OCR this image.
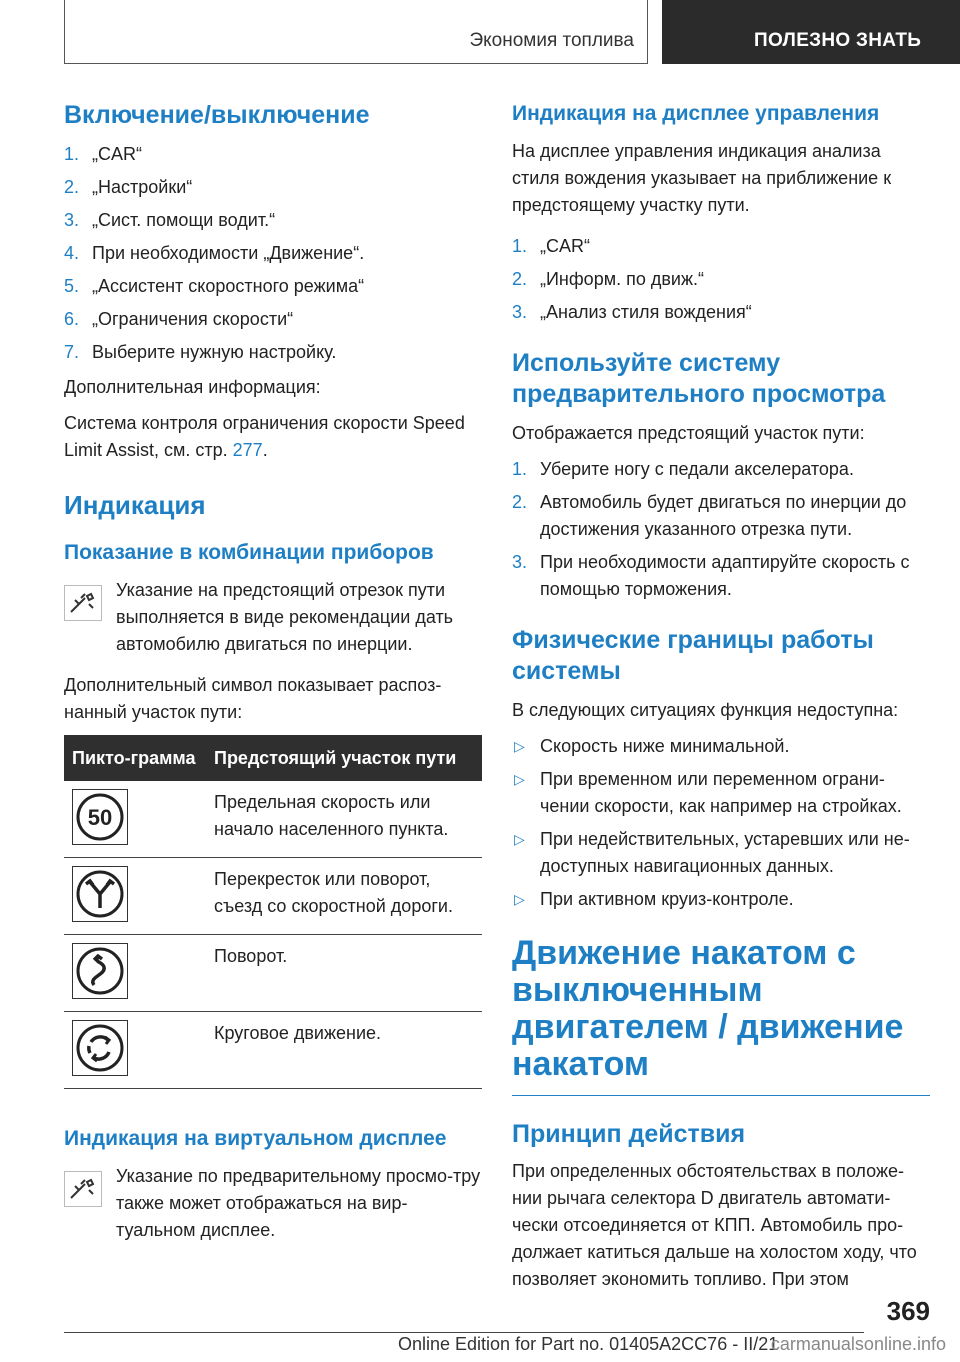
Экономия топлива	ПОЛЕЗНО ЗНАТЬ
Включение/выключение
1. „CAR“
2. „Настройки“
3. „Сист. помощи водит.“
4. При необходимости „Движение“.
5. „Ассистент скоростного режима“
6. „Ограничения скорости“
7. Выберите нужную настройку.

Дополнительная информация:

Система контроля ограничения скорости Speed Limit Assist, см. стр. 277.

Индикация
Показание в комбинации приборов
Указание на предстоящий отрезок пути выполняется в виде рекомендации дать автомобилю двигаться по инерции.

Дополнительный символ показывает распоз-нанный участок пути:

Пикто-грамма	Предстоящий участок пути

50	Предельная скорость или начало населенного пункта.

	Перекресток или поворот, съезд со скоростной дороги.

	Поворот.

	Круговое движение.
Индикация на виртуальном дисплее
Указание по предварительному просмо-тру также может отображаться на вир-туальном дисплее.
Индикация на дисплее управления

На дисплее управления индикация анализа стиля вождения указывает на приближение к предстоящему участку пути.

1. „CAR“
2. „Информ. по движ.“
3. „Анализ стиля вождения“
Используйте систему предварительного просмотра

Отображается предстоящий участок пути:

1. Уберите ногу с педали акселератора.
2. Автомобиль будет двигаться по инерции до достижения указанного отрезка пути.
3. При необходимости адаптируйте скорость с помощью торможения.
Физические границы работы системы

В следующих ситуациях функция недоступна:

▷ Скорость ниже минимальной.
▷ При временном или переменном ограни-чении скорости, как например на стройках.
▷ При недействительных, устаревших или не-доступных навигационных данных.
▷ При активном круиз-контроле.
Движение накатом с выключенным двигателем / движение накатом
Принцип действия

При определенных обстоятельствах в положе-нии рычага селектора D двигатель автомати-чески отсоединяется от КПП. Автомобиль про-должает катиться дальше на холостом ходу, что позволяет экономить топливо. При этом

369
Online Edition for Part no. 01405A2CC76 - II/21
carmanualsonline.info
